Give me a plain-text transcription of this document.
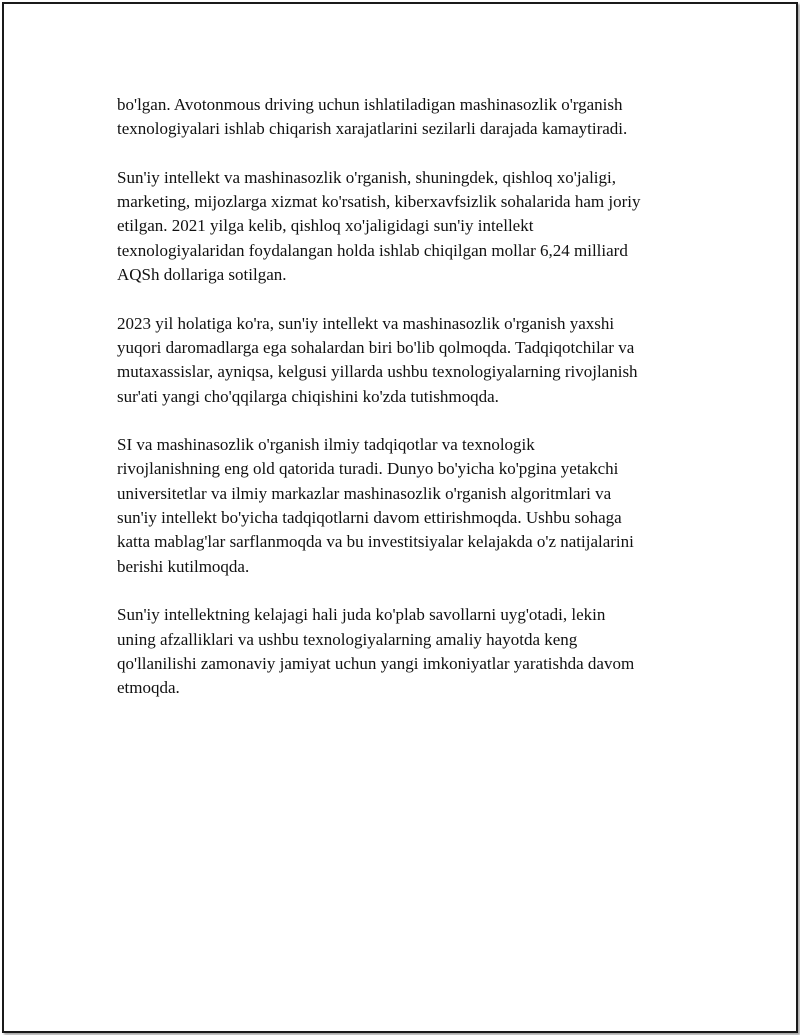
bo'lgan. Avotonmous driving uchun ishlatiladigan mashinasozlik o'rganish
texnologiyalari ishlab chiqarish xarajatlarini sezilarli darajada kamaytiradi.

Sun'iy intellekt va mashinasozlik o'rganish, shuningdek, qishloq xo'jaligi,
marketing, mijozlarga xizmat ko'rsatish, kiberxavfsizlik sohalarida ham joriy
etilgan. 2021 yilga kelib, qishloq xo'jaligidagi sun'iy intellekt
texnologiyalaridan foydalangan holda ishlab chiqilgan mollar 6,24 milliard
AQSh dollariga sotilgan.

2023 yil holatiga ko'ra, sun'iy intellekt va mashinasozlik o'rganish yaxshi
yuqori daromadlarga ega sohalardan biri bo'lib qolmoqda. Tadqiqotchilar va
mutaxassislar, ayniqsa, kelgusi yillarda ushbu texnologiyalarning rivojlanish
sur'ati yangi cho'qqilarga chiqishini ko'zda tutishmoqda.

SI va mashinasozlik o'rganish ilmiy tadqiqotlar va texnologik
rivojlanishning eng old qatorida turadi. Dunyo bo'yicha ko'pgina yetakchi
universitetlar va ilmiy markazlar mashinasozlik o'rganish algoritmlari va
sun'iy intellekt bo'yicha tadqiqotlarni davom ettirishmoqda. Ushbu sohaga
katta mablag'lar sarflanmoqda va bu investitsiyalar kelajakda o'z natijalarini
berishi kutilmoqda.

Sun'iy intellektning kelajagi hali juda ko'plab savollarni uyg'otadi, lekin
uning afzalliklari va ushbu texnologiyalarning amaliy hayotda keng
qo'llanilishi zamonaviy jamiyat uchun yangi imkoniyatlar yaratishda davom
etmoqda.
